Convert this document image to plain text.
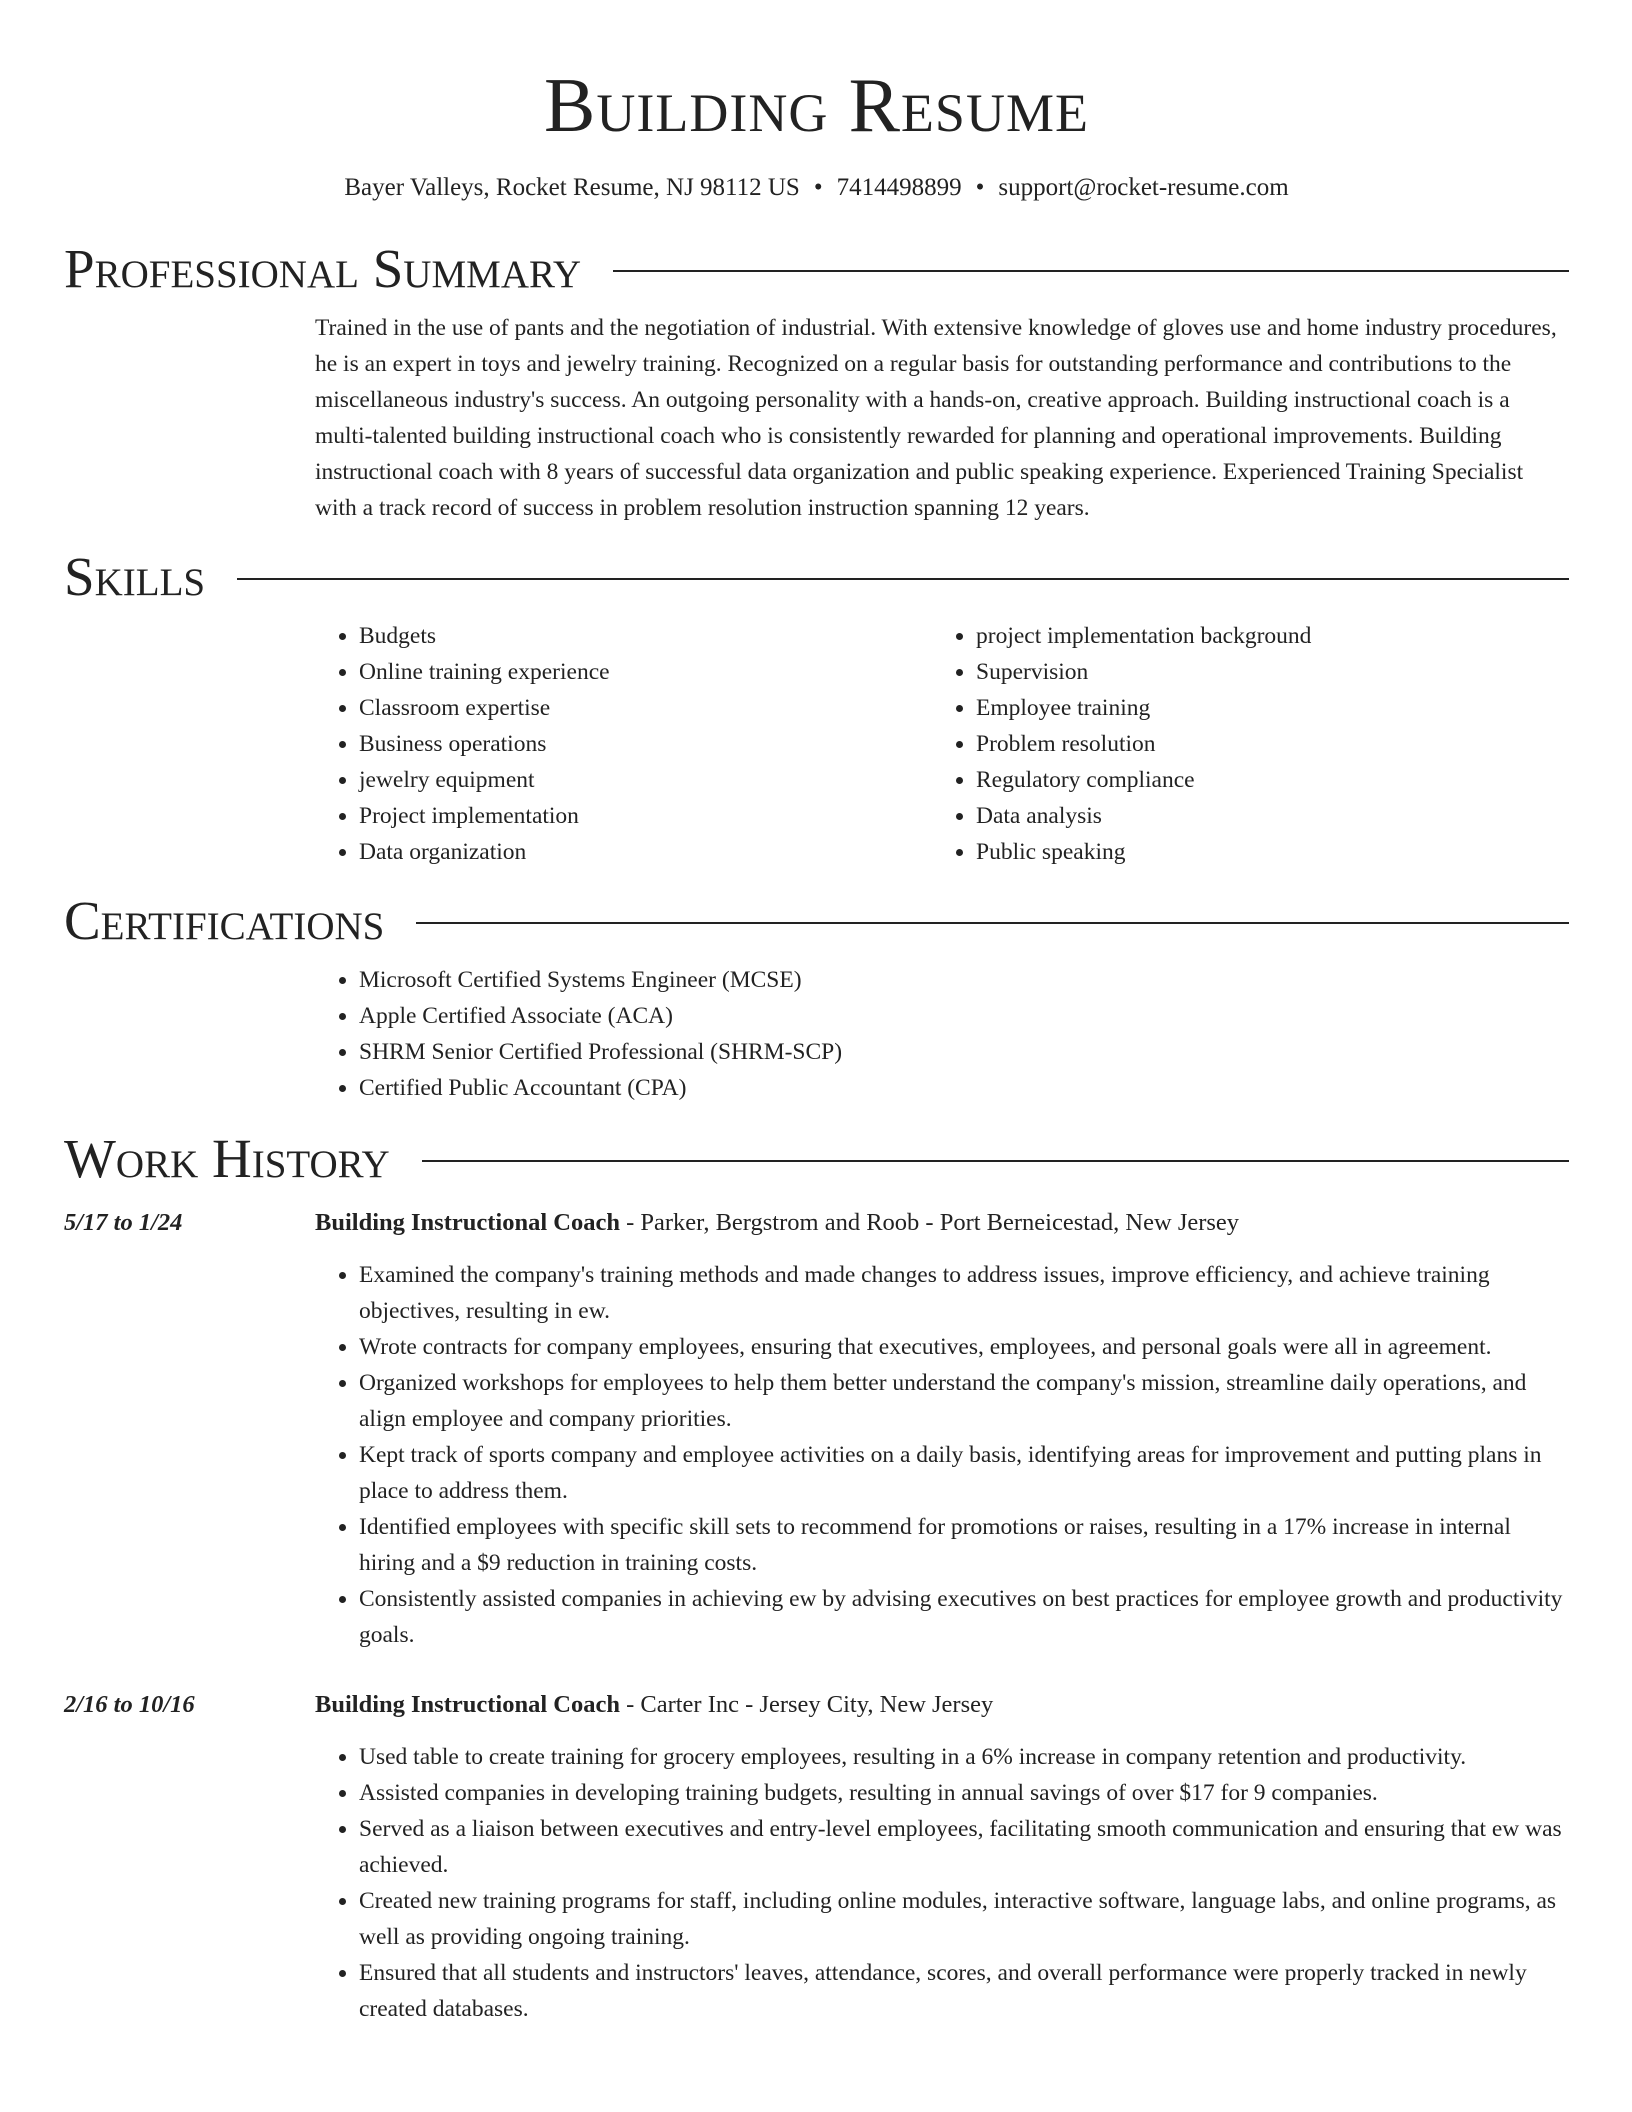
Building Resume
Bayer Valleys, Rocket Resume, NJ 98112 US • 7414498899 • support@rocket-resume.com
Professional Summary

Trained in the use of pants and the negotiation of industrial. With extensive knowledge of gloves use and home industry procedures, he is an expert in toys and jewelry training. Recognized on a regular basis for outstanding performance and contributions to the miscellaneous industry's success. An outgoing personality with a hands-on, creative approach. Building instructional coach is a multi-talented building instructional coach who is consistently rewarded for planning and operational improvements. Building instructional coach with 8 years of successful data organization and public speaking experience. Experienced Training Specialist with a track record of success in problem resolution instruction spanning 12 years.

Skills
• Budgets
• Online training experience
• Classroom expertise
• Business operations
• jewelry equipment
• Project implementation
• Data organization
• project implementation background
• Supervision
• Employee training
• Problem resolution
• Regulatory compliance
• Data analysis
• Public speaking
Certifications
• Microsoft Certified Systems Engineer (MCSE)
• Apple Certified Associate (ACA)
• SHRM Senior Certified Professional (SHRM-SCP)
• Certified Public Accountant (CPA)
Work History
5/17 to 1/24	Building Instructional Coach - Parker, Bergstrom and Roob - Port Berneicestad, New Jersey
• Examined the company's training methods and made changes to address issues, improve efficiency, and achieve training objectives, resulting in ew.
• Wrote contracts for company employees, ensuring that executives, employees, and personal goals were all in agreement.
• Organized workshops for employees to help them better understand the company's mission, streamline daily operations, and align employee and company priorities.
• Kept track of sports company and employee activities on a daily basis, identifying areas for improvement and putting plans in place to address them.
• Identified employees with specific skill sets to recommend for promotions or raises, resulting in a 17% increase in internal hiring and a $9 reduction in training costs.
• Consistently assisted companies in achieving ew by advising executives on best practices for employee growth and productivity goals.
2/16 to 10/16	Building Instructional Coach - Carter Inc - Jersey City, New Jersey
• Used table to create training for grocery employees, resulting in a 6% increase in company retention and productivity.
• Assisted companies in developing training budgets, resulting in annual savings of over $17 for 9 companies.
• Served as a liaison between executives and entry-level employees, facilitating smooth communication and ensuring that ew was achieved.
• Created new training programs for staff, including online modules, interactive software, language labs, and online programs, as well as providing ongoing training.
• Ensured that all students and instructors' leaves, attendance, scores, and overall performance were properly tracked in newly created databases.
